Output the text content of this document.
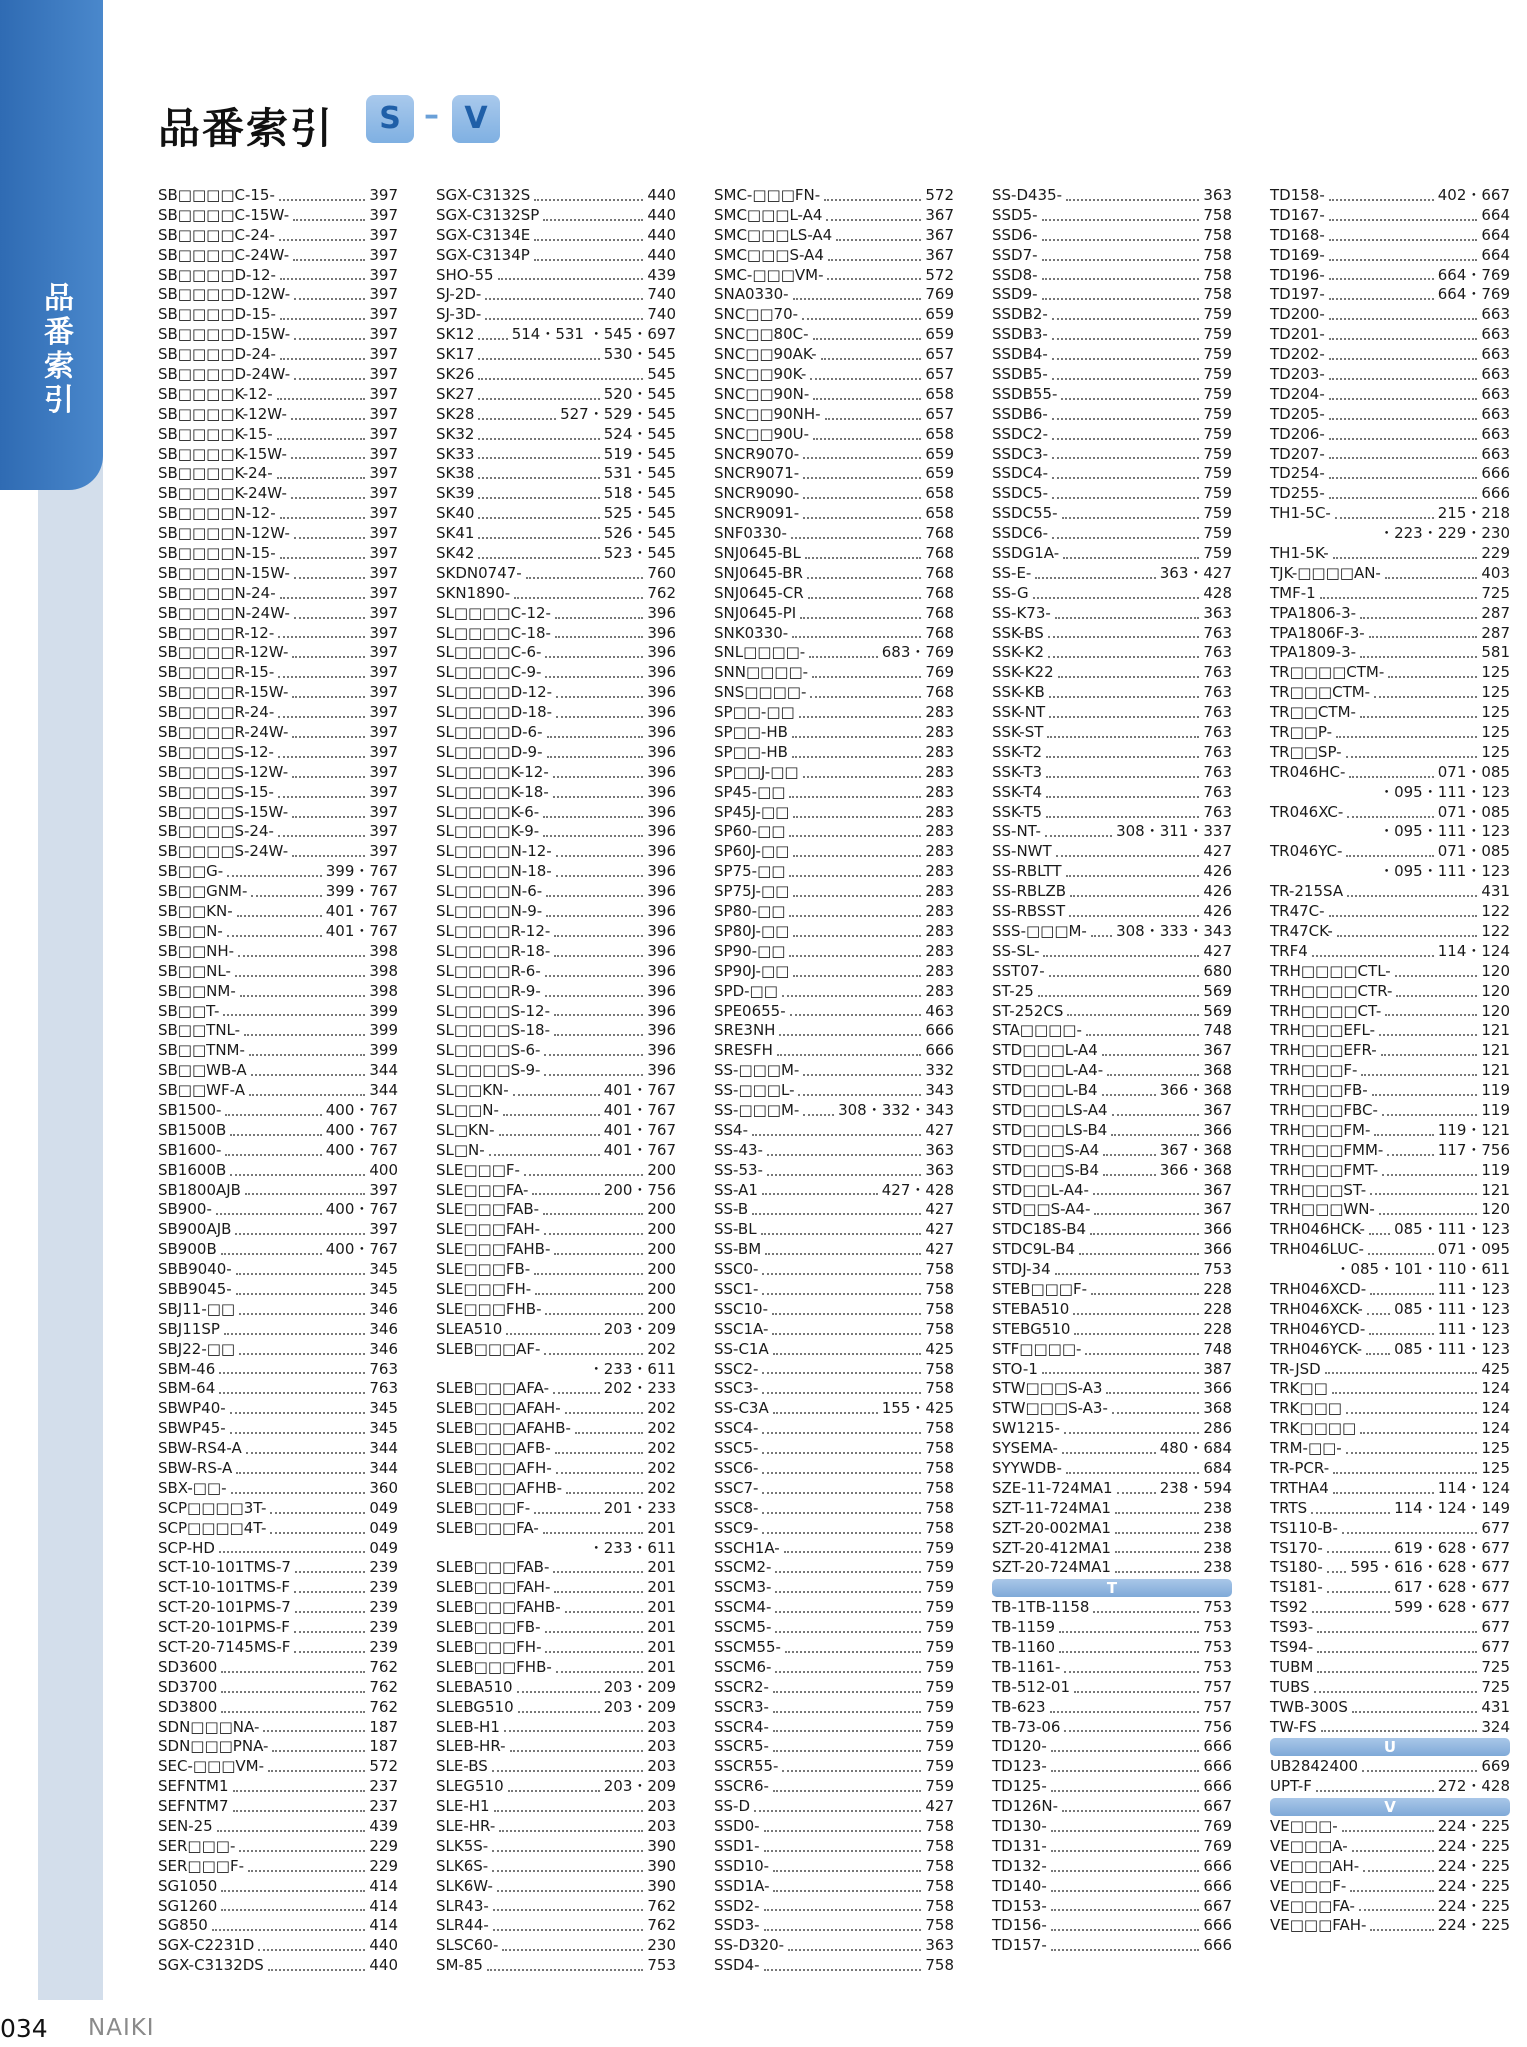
品
番
索
引
品番索引	S – V
SB□□□□C-15-	397
SB□□□□C-15W-	397
SB□□□□C-24-	397
SB□□□□C-24W-	397
SB□□□□D-12-	397
SB□□□□D-12W-	397
SB□□□□D-15-	397
SB□□□□D-15W-	397
SB□□□□D-24-	397
SB□□□□D-24W-	397
SB□□□□K-12-	397
SB□□□□K-12W-	397
SB□□□□K-15-	397
SB□□□□K-15W-	397
SB□□□□K-24-	397
SB□□□□K-24W-	397
SB□□□□N-12-	397
SB□□□□N-12W-	397
SB□□□□N-15-	397
SB□□□□N-15W-	397
SB□□□□N-24-	397
SB□□□□N-24W-	397
SB□□□□R-12-	397
SB□□□□R-12W-	397
SB□□□□R-15-	397
SB□□□□R-15W-	397
SB□□□□R-24-	397
SB□□□□R-24W-	397
SB□□□□S-12-	397
SB□□□□S-12W-	397
SB□□□□S-15-	397
SB□□□□S-15W-	397
SB□□□□S-24-	397
SB□□□□S-24W-	397
SB□□G-	399・767
SB□□GNM-	399・767
SB□□KN-	401・767
SB□□N-	401・767
SB□□NH-	398
SB□□NL-	398
SB□□NM-	398
SB□□T-	399
SB□□TNL-	399
SB□□TNM-	399
SB□□WB-A	344
SB□□WF-A	344
SB1500-	400・767
SB1500B	400・767
SB1600-	400・767
SB1600B	400
SB1800AJB	397
SB900-	400・767
SB900AJB	397
SB900B	400・767
SBB9040-	345
SBB9045-	345
SBJ11-□□	346
SBJ11SP	346
SBJ22-□□	346
SBM-46	763
SBM-64	763
SBWP40-	345
SBWP45-	345
SBW-RS4-A	344
SBW-RS-A	344
SBX-□□-	360
SCP□□□□3T-	049
SCP□□□□4T-	049
SCP-HD	049
SCT-10-101TMS-7	239
SCT-10-101TMS-F	239
SCT-20-101PMS-7	239
SCT-20-101PMS-F	239
SCT-20-7145MS-F	239
SD3600	762
SD3700	762
SD3800	762
SDN□□□NA-	187
SDN□□□PNA-	187
SEC-□□□VM-	572
SEFNTM1	237
SEFNTM7	237
SEN-25	439
SER□□□-	229
SER□□□F-	229
SG1050	414
SG1260	414
SG850	414
SGX-C2231D	440
SGX-C3132DS	440
SGX-C3132S	440
SGX-C3132SP	440
SGX-C3134E	440
SGX-C3134P	440
SHO-55	439
SJ-2D-	740
SJ-3D-	740
SK12 514・531 ・545・697
SK17	530・545
SK26	545
SK27	520・545
SK28	527・529・545
SK32	524・545
SK33	519・545
SK38	531・545
SK39	518・545
SK40	525・545
SK41	526・545
SK42	523・545
SKDN0747-	760
SKN1890-	762
SL□□□□C-12-	396
SL□□□□C-18-	396
SL□□□□C-6-	396
SL□□□□C-9-	396
SL□□□□D-12-	396
SL□□□□D-18-	396
SL□□□□D-6-	396
SL□□□□D-9-	396
SL□□□□K-12-	396
SL□□□□K-18-	396
SL□□□□K-6-	396
SL□□□□K-9-	396
SL□□□□N-12-	396
SL□□□□N-18-	396
SL□□□□N-6-	396
SL□□□□N-9-	396
SL□□□□R-12-	396
SL□□□□R-18-	396
SL□□□□R-6-	396
SL□□□□R-9-	396
SL□□□□S-12-	396
SL□□□□S-18-	396
SL□□□□S-6-	396
SL□□□□S-9-	396
SL□□KN-	401・767
SL□□N-	401・767
SL□KN-	401・767
SL□N-	401・767
SLE□□□F-	200
SLE□□□FA-	200・756
SLE□□□FAB-	200
SLE□□□FAH-	200
SLE□□□FAHB-	200
SLE□□□FB-	200
SLE□□□FH-	200
SLE□□□FHB-	200
SLEA510	203・209
SLEB□□□AF-	202
・233・611
SLEB□□□AFA-	202・233
SLEB□□□AFAH-	202
SLEB□□□AFAHB-	202
SLEB□□□AFB-	202
SLEB□□□AFH-	202
SLEB□□□AFHB-	202
SLEB□□□F-	201・233
SLEB□□□FA-	201
・233・611
SLEB□□□FAB-	201
SLEB□□□FAH-	201
SLEB□□□FAHB-	201
SLEB□□□FB-	201
SLEB□□□FH-	201
SLEB□□□FHB-	201
SLEBA510	203・209
SLEBG510	203・209
SLEB-H1	203
SLEB-HR-	203
SLE-BS	203
SLEG510	203・209
SLE-H1	203
SLE-HR-	203
SLK5S-	390
SLK6S-	390
SLK6W-	390
SLR43-	762
SLR44-	762
SLSC60-	230
SM-85	753
SMC-□□□FN-	572
SMC□□□L-A4	367
SMC□□□LS-A4	367
SMC□□□S-A4	367
SMC-□□□VM-	572
SNA0330-	769
SNC□□70-	659
SNC□□80C-	659
SNC□□90AK-	657
SNC□□90K-	657
SNC□□90N-	658
SNC□□90NH-	657
SNC□□90U-	658
SNCR9070-	659
SNCR9071-	659
SNCR9090-	658
SNCR9091-	658
SNF0330-	768
SNJ0645-BL	768
SNJ0645-BR	768
SNJ0645-CR	768
SNJ0645-PI	768
SNK0330-	768
SNL□□□□-	683・769
SNN□□□□-	769
SNS□□□□-	768
SP□□-□□	283
SP□□-HB	283
SP□□-HB	283
SP□□J-□□	283
SP45-□□	283
SP45J-□□	283
SP60-□□	283
SP60J-□□	283
SP75-□□	283
SP75J-□□	283
SP80-□□	283
SP80J-□□	283
SP90-□□	283
SP90J-□□	283
SPD-□□	283
SPE0655-	463
SRE3NH	666
SRESFH	666
SS-□□□M-	332
SS-□□□L-	343
SS-□□□M-	308・332・343
SS4-	427
SS-43-	363
SS-53-	363
SS-A1	427・428
SS-B	427
SS-BL	427
SS-BM	427
SSC0-	758
SSC1-	758
SSC10-	758
SSC1A-	758
SS-C1A	425
SSC2-	758
SSC3-	758
SS-C3A	155・425
SSC4-	758
SSC5-	758
SSC6-	758
SSC7-	758
SSC8-	758
SSC9-	758
SSCH1A-	759
SSCM2-	759
SSCM3-	759
SSCM4-	759
SSCM5-	759
SSCM55-	759
SSCM6-	759
SSCR2-	759
SSCR3-	759
SSCR4-	759
SSCR5-	759
SSCR55-	759
SSCR6-	759
SS-D	427
SSD0-	758
SSD1-	758
SSD10-	758
SSD1A-	758
SSD2-	758
SSD3-	758
SS-D320-	363
SSD4-	758
SS-D435-	363
SSD5-	758
SSD6-	758
SSD7-	758
SSD8-	758
SSD9-	758
SSDB2-	759
SSDB3-	759
SSDB4-	759
SSDB5-	759
SSDB55-	759
SSDB6-	759
SSDC2-	759
SSDC3-	759
SSDC4-	759
SSDC5-	759
SSDC55-	759
SSDC6-	759
SSDG1A-	759
SS-E-	363・427
SS-G	428
SS-K73-	363
SSK-BS	763
SSK-K2	763
SSK-K22	763
SSK-KB	763
SSK-NT	763
SSK-ST	763
SSK-T2	763
SSK-T3	763
SSK-T4	763
SSK-T5	763
SS-NT-	308・311・337
SS-NWT	427
SS-RBLTT	426
SS-RBLZB	426
SS-RBSST	426
SSS-□□□M- 308・333・343
SS-SL-	427
SST07-	680
ST-25	569
ST-252CS	569
STA□□□□-	748
STD□□□L-A4	367
STD□□□L-A4-	368
STD□□□L-B4	366・368
STD□□□LS-A4	367
STD□□□LS-B4	366
STD□□□S-A4	367・368
STD□□□S-B4	366・368
STD□□L-A4-	367
STD□□S-A4-	367
STDC18S-B4	366
STDC9L-B4	366
STDJ-34	753
STEB□□□F-	228
STEBA510	228
STEBG510	228
STF□□□□-	748
STO-1	387
STW□□□S-A3	366
STW□□□S-A3-	368
SW1215-	286
SYSEMA-	480・684
SYYWDB-	684
SZE-11-724MA1	238・594
SZT-11-724MA1	238
SZT-20-002MA1	238
SZT-20-412MA1	238
SZT-20-724MA1	238
T
TB-1TB-1158	753
TB-1159	753
TB-1160	753
TB-1161-	753
TB-512-01	757
TB-623	757
TB-73-06	756
TD120-	666
TD123-	666
TD125-	666
TD126N-	667
TD130-	769
TD131-	769
TD132-	666
TD140-	666
TD153-	667
TD156-	666
TD157-	666
TD158-	402・667
TD167-	664
TD168-	664
TD169-	664
TD196-	664・769
TD197-	664・769
TD200-	663
TD201-	663
TD202-	663
TD203-	663
TD204-	663
TD205-	663
TD206-	663
TD207-	663
TD254-	666
TD255-	666
TH1-5C-	215・218
・223・229・230
TH1-5K-	229
TJK-□□□□AN-	403
TMF-1	725
TPA1806-3-	287
TPA1806F-3-	287
TPA1809-3-	581
TR□□□□CTM-	125
TR□□□CTM-	125
TR□□CTM-	125
TR□□P-	125
TR□□SP-	125
TR046HC-	071・085
・095・111・123
TR046XC-	071・085
・095・111・123
TR046YC-	071・085
・095・111・123
TR-215SA	431
TR47C-	122
TR47CK-	122
TRF4	114・124
TRH□□□□CTL-	120
TRH□□□□CTR-	120
TRH□□□□CT-	120
TRH□□□EFL-	121
TRH□□□EFR-	121
TRH□□□F-	121
TRH□□□FB-	119
TRH□□□FBC-	119
TRH□□□FM-	119・121
TRH□□□FMM-	117・756
TRH□□□FMT-	119
TRH□□□ST-	121
TRH□□□WN-	120
TRH046HCK- 085・111・123
TRH046LUC-	071・095
・085・101・110・611
TRH046XCD-	111・123
TRH046XCK- 085・111・123
TRH046YCD-	111・123
TRH046YCK- 085・111・123
TR-JSD	425
TRK□□	124
TRK□□□	124
TRK□□□□	124
TRM-□□-	125
TR-PCR-	125
TRTHA4	114・124
TRTS	114・124・149
TS110-B-	677
TS170-	619・628・677
TS180- 595・616・628・677
TS181-	617・628・677
TS92	599・628・677
TS93-	677
TS94-	677
TUBM	725
TUBS	725
TWB-300S	431
TW-FS	324
U
UB2842400	669
UPT-F	272・428
V
VE□□□-	224・225
VE□□□A-	224・225
VE□□□AH-	224・225
VE□□□F-	224・225
VE□□□FA-	224・225
VE□□□FAH-	224・225
034 NAIKI
